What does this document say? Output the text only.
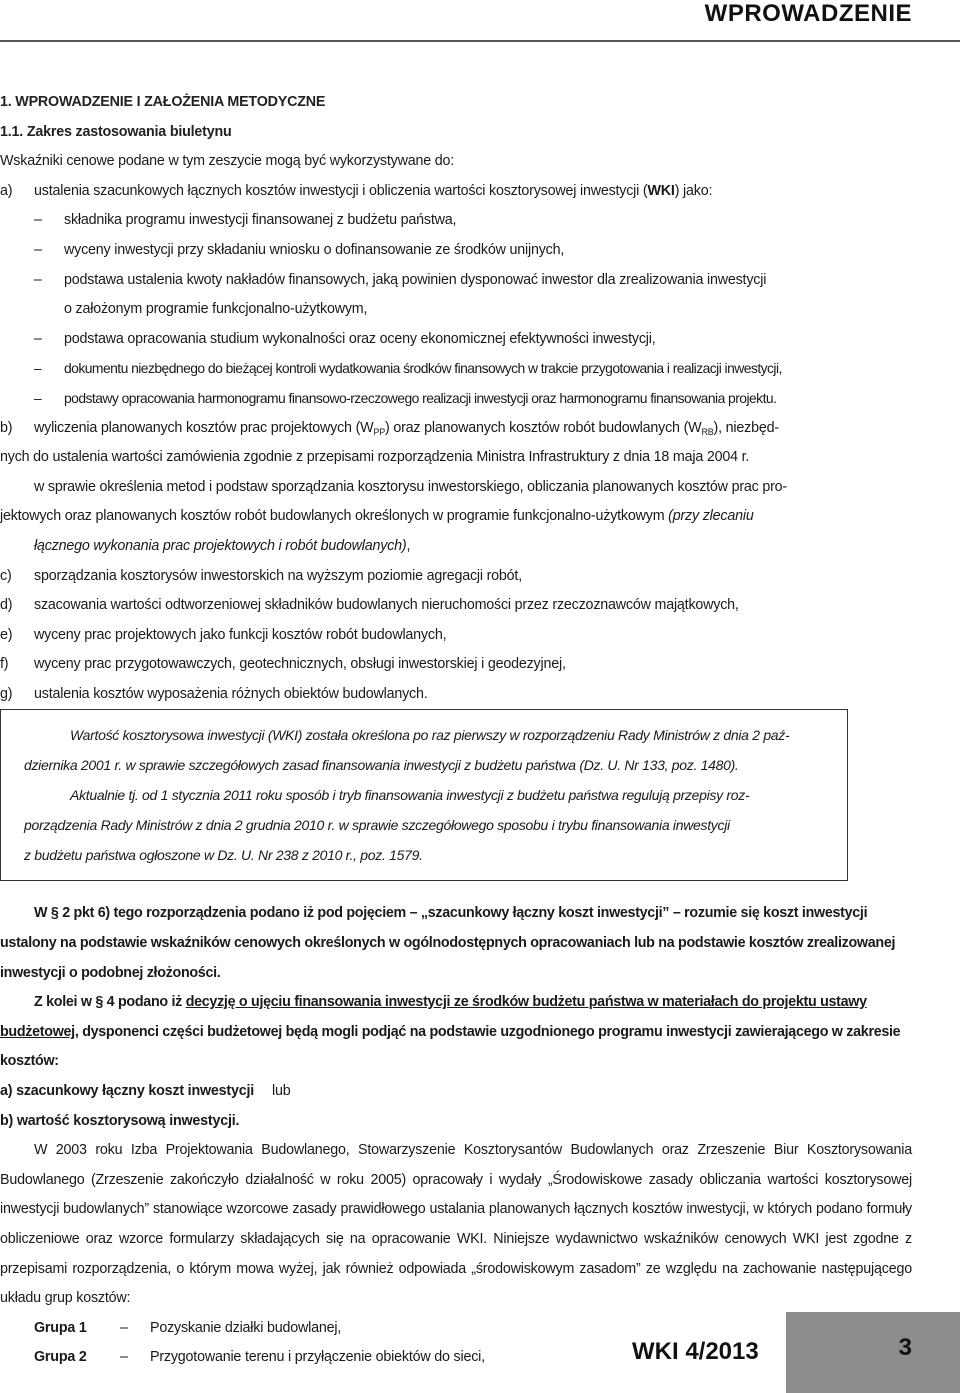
WPROWADZENIE

1. WPROWADZENIE I ZAŁOŻENIA METODYCZNE

1.1. Zakres zastosowania biuletynu

Wskaźniki cenowe podane w tym zeszycie mogą być wykorzystywane do:

a)	ustalenia szacunkowych łącznych kosztów inwestycji i obliczenia wartości kosztorysowej inwestycji (WKI) jako:
–	składnika programu inwestycji finansowanej z budżetu państwa,
–	wyceny inwestycji przy składaniu wniosku o dofinansowanie ze środków unijnych,
–	podstawa ustalenia kwoty nakładów finansowych, jaką powinien dysponować inwestor dla zrealizowania inwestycji
o założonym programie funkcjonalno-użytkowym,
–	podstawa opracowania studium wykonalności oraz oceny ekonomicznej efektywności inwestycji,
–	dokumentu niezbędnego do bieżącej kontroli wydatkowania środków finansowych w trakcie przygotowania i realizacji inwestycji,
–	podstawy opracowania harmonogramu finansowo-rzeczowego realizacji inwestycji oraz harmonogramu finansowania projektu.
b)	wyliczenia planowanych kosztów prac projektowych $(W_{PP})$ oraz planowanych kosztów robót budowlanych $(W_{RB})$, niezbęd-
nych do ustalenia wartości zamówienia zgodnie z przepisami rozporządzenia Ministra Infrastruktury z dnia 18 maja 2004 r.
w sprawie określenia metod i podstaw sporządzania kosztorysu inwestorskiego, obliczania planowanych kosztów prac pro-
jektowych oraz planowanych kosztów robót budowlanych określonych w programie funkcjonalno-użytkowym (przy zlecaniu
łącznego wykonania prac projektowych i robót budowlanych),
c)	sporządzania kosztorysów inwestorskich na wyższym poziomie agregacji robót,
d)	szacowania wartości odtworzeniowej składników budowlanych nieruchomości przez rzeczoznawców majątkowych,
e)	wyceny prac projektowych jako funkcji kosztów robót budowlanych,
f)	wyceny prac przygotowawczych, geotechnicznych, obsługi inwestorskiej i geodezyjnej,
g)	ustalenia kosztów wyposażenia różnych obiektów budowlanych.
Wartość kosztorysowa inwestycji (WKI) została określona po raz pierwszy w rozporządzeniu Rady Ministrów z dnia 2 paź-
dziernika 2001 r. w sprawie szczegółowych zasad finansowania inwestycji z budżetu państwa (Dz. U. Nr 133, poz. 1480).
Aktualnie tj. od 1 stycznia 2011 roku sposób i tryb finansowania inwestycji z budżetu państwa regulują przepisy roz-
porządzenia Rady Ministrów z dnia 2 grudnia 2010 r. w sprawie szczegółowego sposobu i trybu finansowania inwestycji
z budżetu państwa ogłoszone w Dz. U. Nr 238 z 2010 r., poz. 1579.

W § 2 pkt 6) tego rozporządzenia podano iż pod pojęciem – „szacunkowy łączny koszt inwestycji” – rozumie się koszt inwestycji ustalony na podstawie wskaźników cenowych określonych w ogólnodostępnych opracowaniach lub na podstawie kosztów zrealizowanej inwestycji o podobnej złożoności.

Z kolei w § 4 podano iż decyzję o ujęciu finansowania inwestycji ze środków budżetu państwa w materiałach do projektu ustawy budżetowej, dysponenci części budżetowej będą mogli podjąć na podstawie uzgodnionego programu inwestycji zawierającego w zakresie kosztów:

a) szacunkowy łączny koszt inwestycji lub
b) wartość kosztorysową inwestycji.

W 2003 roku Izba Projektowania Budowlanego, Stowarzyszenie Kosztorysantów Budowlanych oraz Zrzeszenie Biur Kosztorysowania Budowlanego (Zrzeszenie zakończyło działalność w roku 2005) opracowały i wydały „Środowiskowe zasady obliczania wartości kosztorysowej inwestycji budowlanych” stanowiące wzorcowe zasady prawidłowego ustalania planowanych łącznych kosztów inwestycji, w których podano formuły obliczeniowe oraz wzorce formularzy składających się na opracowanie WKI. Niniejsze wydawnictwo wskaźników cenowych WKI jest zgodne z przepisami rozporządzenia, o którym mowa wyżej, jak również odpowiada „środowiskowym zasadom” ze względu na zachowanie następującego układu grup kosztów:

Grupa 1	–	Pozyskanie działki budowlanej,
Grupa 2	–	Przygotowanie terenu i przyłączenie obiektów do sieci,	WKI 4/2013	3
